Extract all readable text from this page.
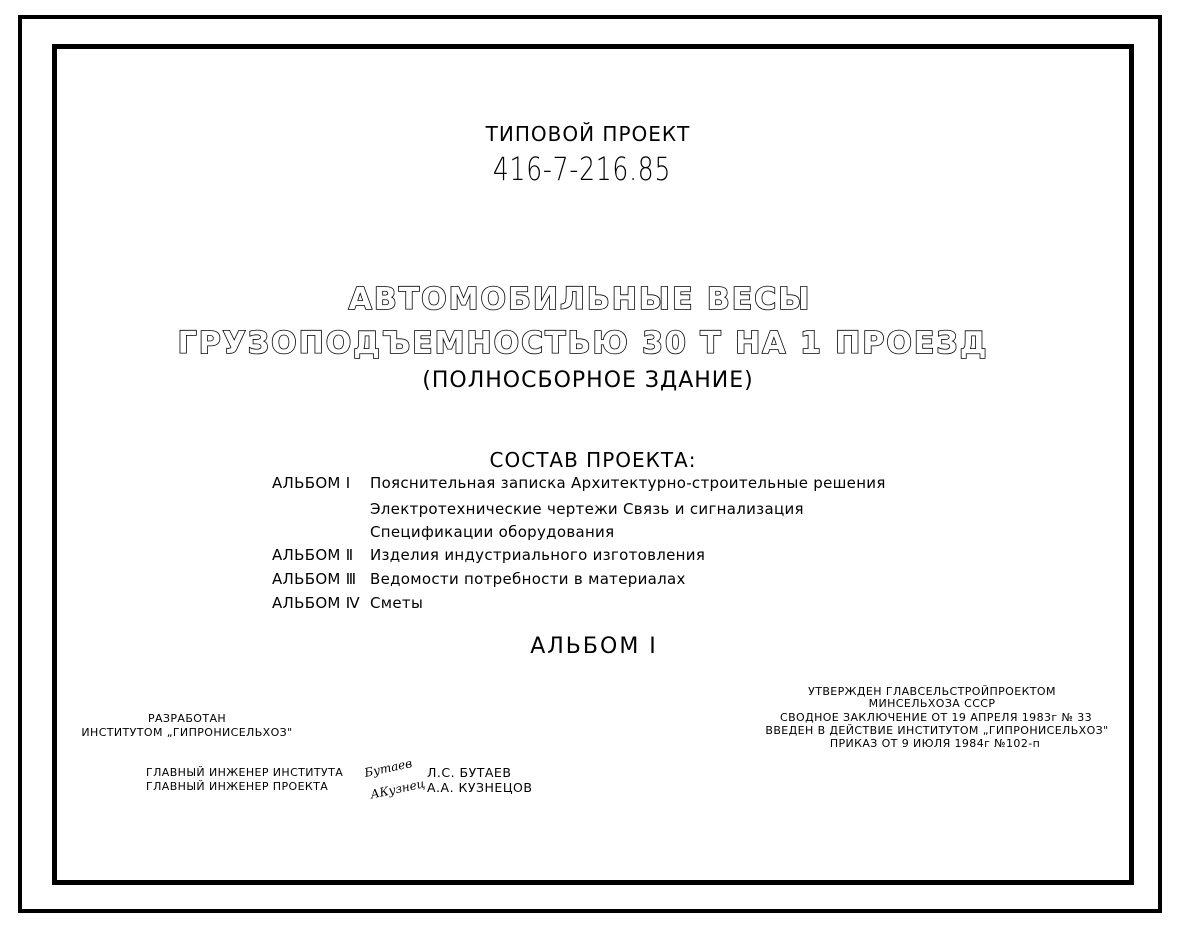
ТИПОВОЙ ПРОЕКТ
416-7-216.85
АВТОМОБИЛЬНЫЕ ВЕСЫ
ГРУЗОПОДЪЕМНОСТЬЮ 30 Т НА 1 ПРОЕЗД
(ПОЛНОСБОРНОЕ ЗДАНИЕ)
СОСТАВ ПРОЕКТА:
АЛЬБОМ Ⅰ Пояснительная записка Архитектурно-строительные решения
Электротехнические чертежи Связь и сигнализация
Спецификации оборудования
АЛЬБОМ Ⅱ Изделия индустриального изготовления
АЛЬБОМ Ⅲ Ведомости потребности в материалах
АЛЬБОМ Ⅳ Сметы
АЛЬБОМ Ⅰ
РАЗРАБОТАН
ИНСТИТУТОМ „ГИПРОНИСЕЛЬХОЗ"
УТВЕРЖДЕН ГЛАВСЕЛЬСТРОЙПРОЕКТОМ
МИНСЕЛЬХОЗА СССР
СВОДНОЕ ЗАКЛЮЧЕНИЕ ОТ 19 АПРЕЛЯ 1983г № 33
ВВЕДЕН В ДЕЙСТВИЕ ИНСТИТУТОМ „ГИПРОНИСЕЛЬХОЗ"
ПРИКАЗ ОТ 9 ИЮЛЯ 1984г №102-п
ГЛАВНЫЙ ИНЖЕНЕР ИНСТИТУТА
ГЛАВНЫЙ ИНЖЕНЕР ПРОЕКТА
Бутаев
АКузнец
Л.С. БУТАЕВ
А.А. КУЗНЕЦОВ
